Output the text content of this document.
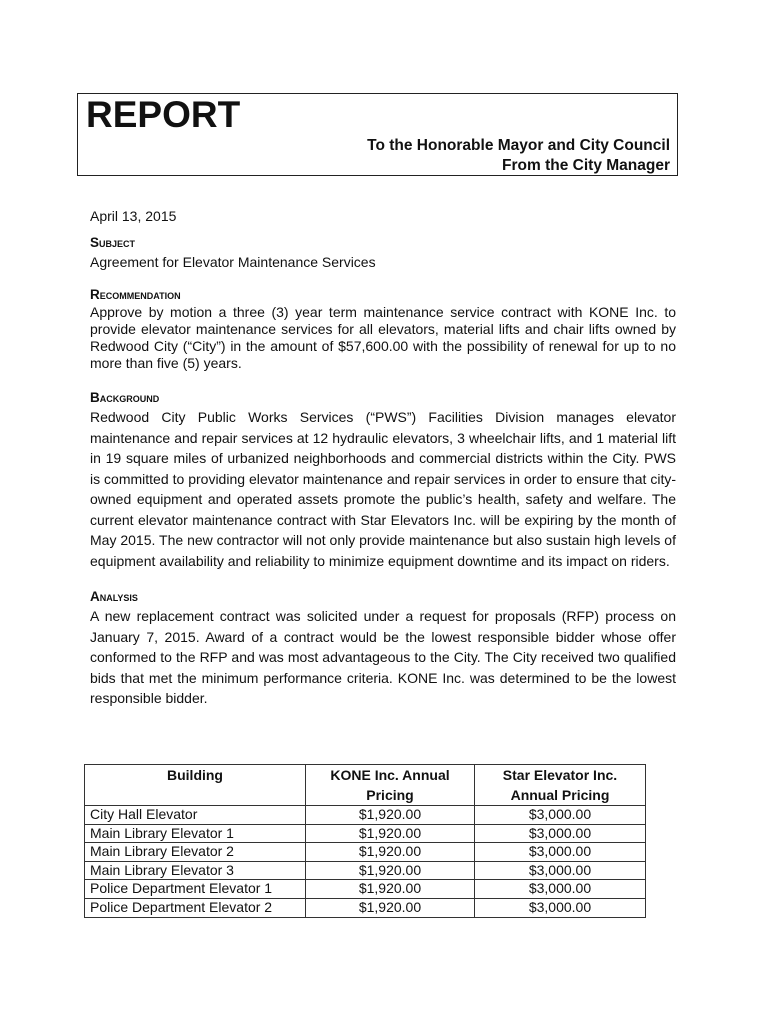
REPORT
To the Honorable Mayor and City Council
From the City Manager

April 13, 2015

Subject

Agreement for Elevator Maintenance Services

Recommendation

Approve by motion a three (3) year term maintenance service contract with KONE Inc. to provide elevator maintenance services for all elevators, material lifts and chair lifts owned by Redwood City (“City”) in the amount of $57,600.00 with the possibility of renewal for up to no more than five (5) years.

Background

Redwood City Public Works Services (“PWS”) Facilities Division manages elevator maintenance and repair services at 12 hydraulic elevators, 3 wheelchair lifts, and 1 material lift in 19 square miles of urbanized neighborhoods and commercial districts within the City. PWS is committed to providing elevator maintenance and repair services in order to ensure that city-owned equipment and operated assets promote the public’s health, safety and welfare. The current elevator maintenance contract with Star Elevators Inc. will be expiring by the month of May 2015. The new contractor will not only provide maintenance but also sustain high levels of equipment availability and reliability to minimize equipment downtime and its impact on riders.

Analysis

A new replacement contract was solicited under a request for proposals (RFP) process on January 7, 2015. Award of a contract would be the lowest responsible bidder whose offer conformed to the RFP and was most advantageous to the City. The City received two qualified bids that met the minimum performance criteria. KONE Inc. was determined to be the lowest responsible bidder.

Building	KONE Inc. Annual Pricing	Star Elevator Inc. Annual Pricing
City Hall Elevator	$1,920.00	$3,000.00
Main Library Elevator 1	$1,920.00	$3,000.00
Main Library Elevator 2	$1,920.00	$3,000.00
Main Library Elevator 3	$1,920.00	$3,000.00
Police Department Elevator 1	$1,920.00	$3,000.00
Police Department Elevator 2	$1,920.00	$3,000.00
